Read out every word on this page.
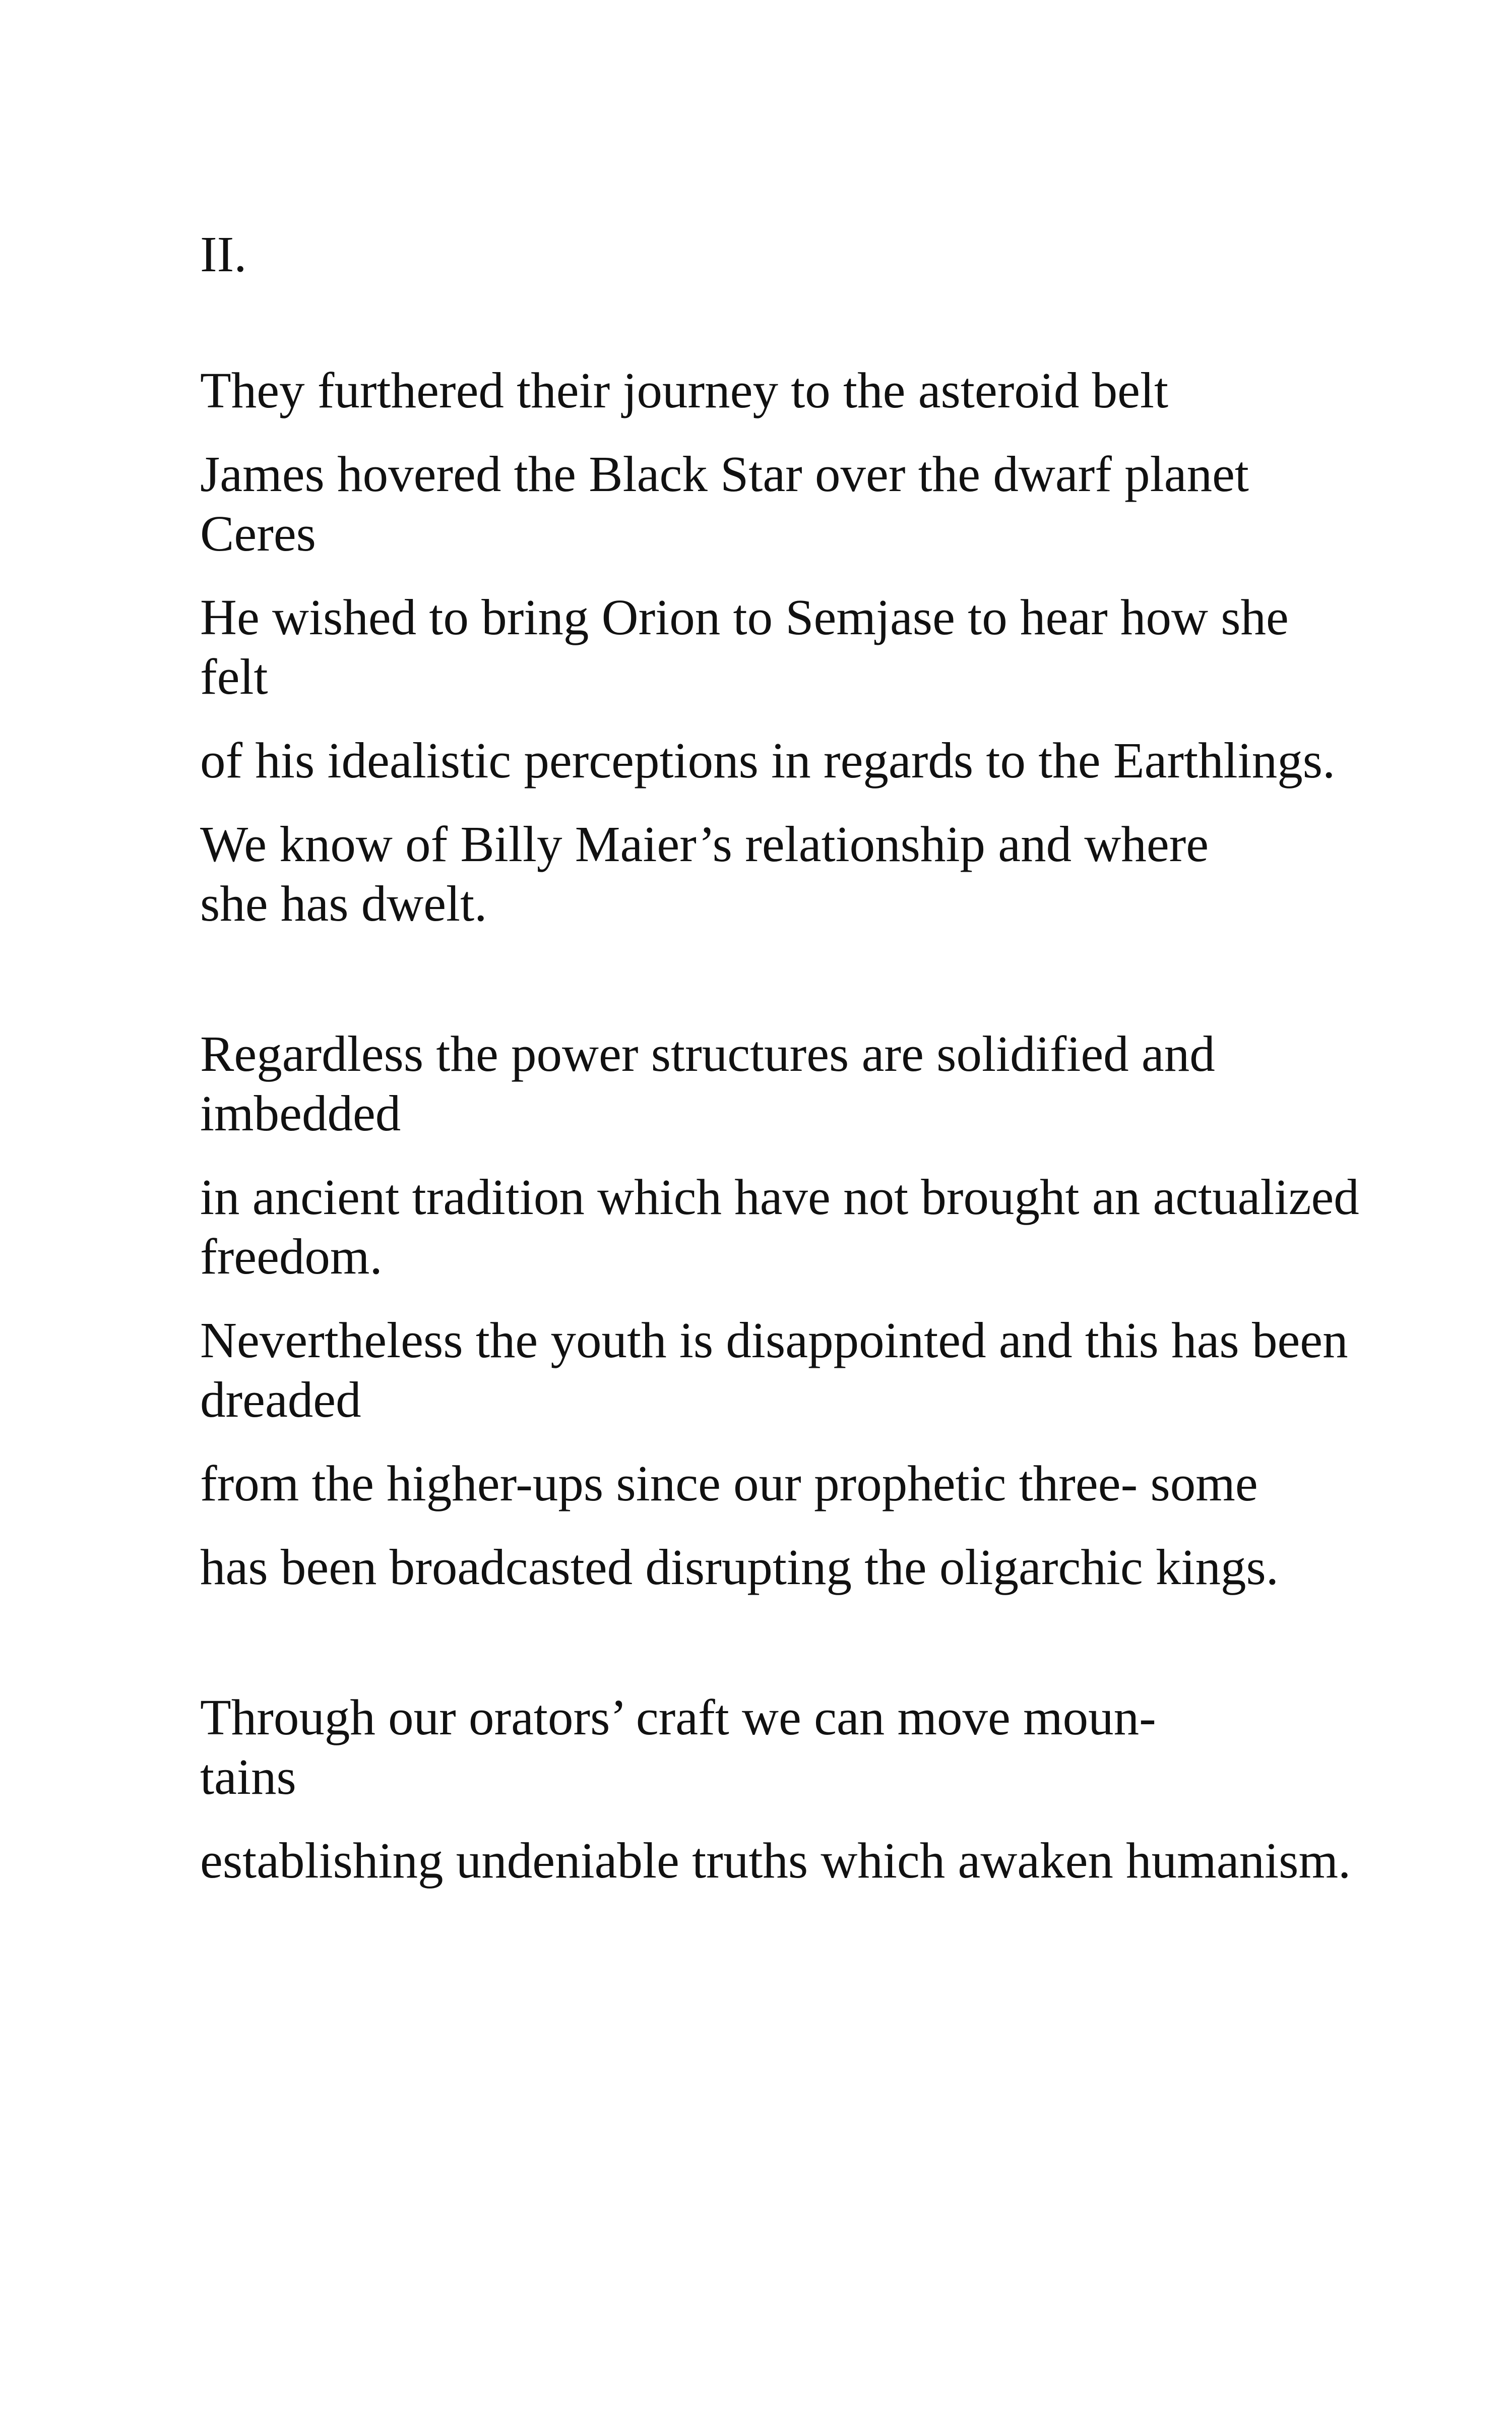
II.
They furthered their journey to the asteroid belt
James hovered the Black Star over the dwarf planet
Ceres
He wished to bring Orion to Semjase to hear how she
felt
of his idealistic perceptions in regards to the Earthlings.
We know of Billy Maier’s relationship and where
she has dwelt.
Regardless the power structures are solidified and
imbedded
in ancient tradition which have not brought an actualized
freedom.
Nevertheless the youth is disappointed and this has been
dreaded
from the higher-ups since our prophetic three- some
has been broadcasted disrupting the oligarchic kings.
Through our orators’ craft we can move moun-
tains
establishing undeniable truths which awaken humanism.
